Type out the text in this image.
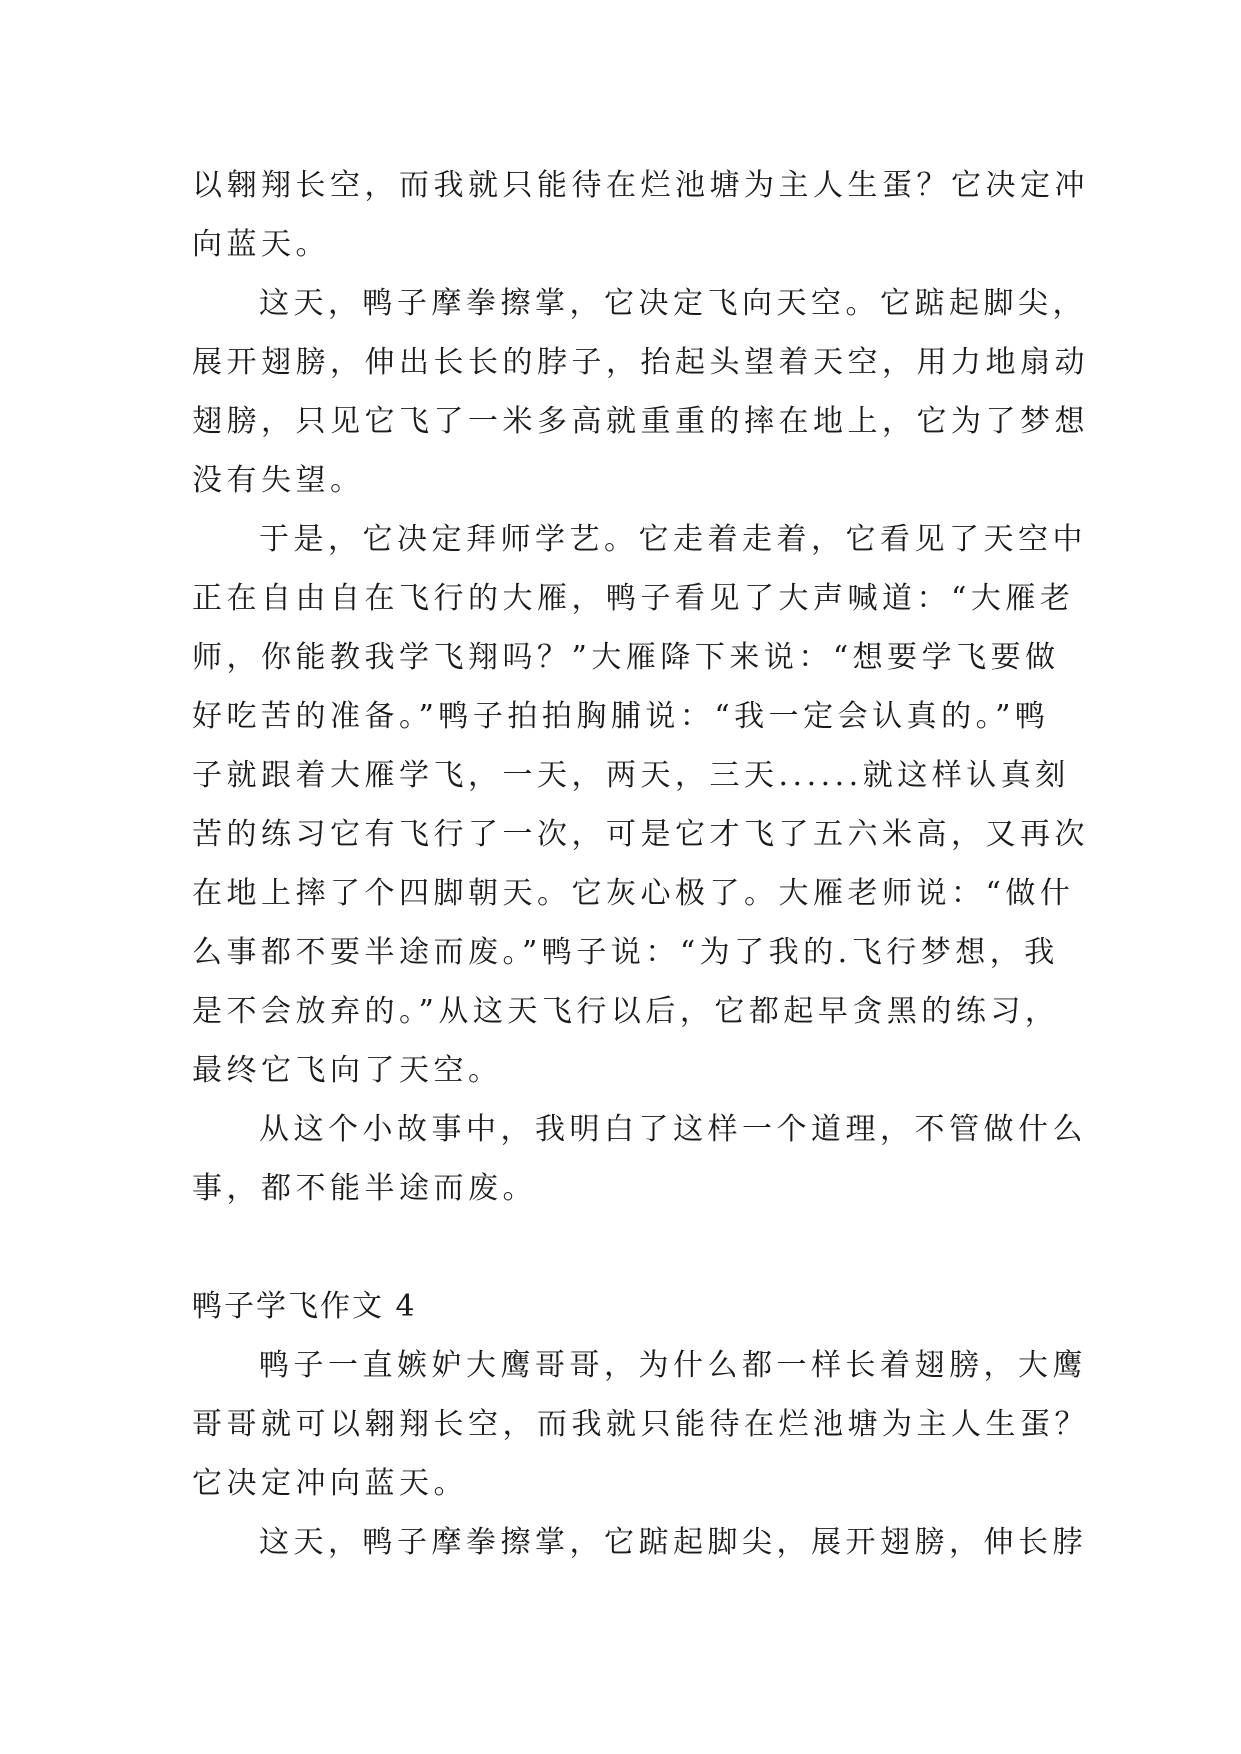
以翱翔长空，而我就只能待在烂池塘为主人生蛋？它决定冲
向蓝天。
这天，鸭子摩拳擦掌，它决定飞向天空。它踮起脚尖，
展开翅膀，伸出长长的脖子，抬起头望着天空，用力地扇动
翅膀，只见它飞了一米多高就重重的摔在地上，它为了梦想
没有失望。
于是，它决定拜师学艺。它走着走着，它看见了天空中
正在自由自在飞行的大雁，鸭子看见了大声喊道：“大雁老
师，你能教我学飞翔吗？”大雁降下来说：“想要学飞要做
好吃苦的准备。”鸭子拍拍胸脯说：“我一定会认真的。”鸭
子就跟着大雁学飞，一天，两天，三天......就这样认真刻
苦的练习它有飞行了一次，可是它才飞了五六米高，又再次
在地上摔了个四脚朝天。它灰心极了。大雁老师说：“做什
么事都不要半途而废。”鸭子说：“为了我的.飞行梦想，我
是不会放弃的。”从这天飞行以后，它都起早贪黑的练习，
最终它飞向了天空。
从这个小故事中，我明白了这样一个道理，不管做什么
事，都不能半途而废。
鸭子学飞作文 4
鸭子一直嫉妒大鹰哥哥，为什么都一样长着翅膀，大鹰
哥哥就可以翱翔长空，而我就只能待在烂池塘为主人生蛋？
它决定冲向蓝天。
这天，鸭子摩拳擦掌，它踮起脚尖，展开翅膀，伸长脖
